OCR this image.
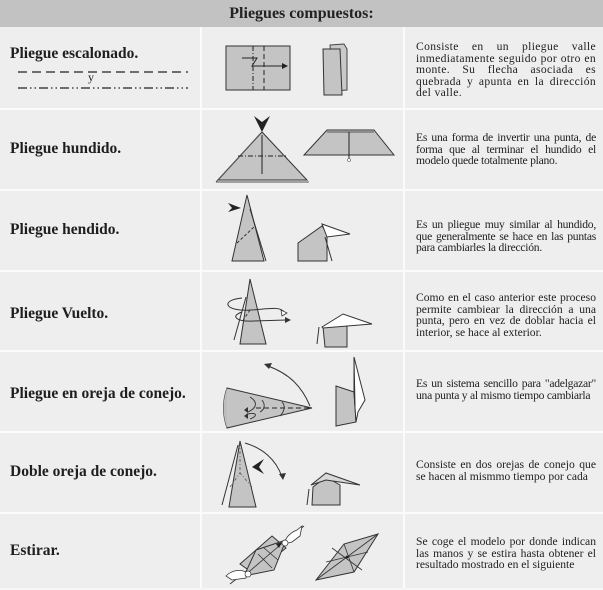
Pliegues compuestos:
Pliegue escalonado.
y
Consiste en un pliegue valle inmediatamente seguido por otro en monte. Su flecha asociada es quebrada y apunta en la dirección del valle.
Pliegue hundido.
Es una forma de invertir una punta, de forma que al terminar el hundido el modelo quede totalmente plano.
Pliegue hendido.	Es un pliegue muy similar al hundido, que generalmente se hace en las puntas para cambiarles la dirección.
Pliegue Vuelto.
Como en el caso anterior este proceso permite cambiear la dirección a una punta, pero en vez de doblar hacia el interior, se hace al exterior.
Pliegue en oreja de conejo.
Es un sistema sencillo para "adelgazar" una punta y al mismo tiempo cambiarla
Doble oreja de conejo.	Consiste en dos orejas de conejo que se hacen al mismmo tiempo por cada
Estirar.
Se coge el modelo por donde indican las manos y se estira hasta obtener el resultado mostrado en el siguiente
